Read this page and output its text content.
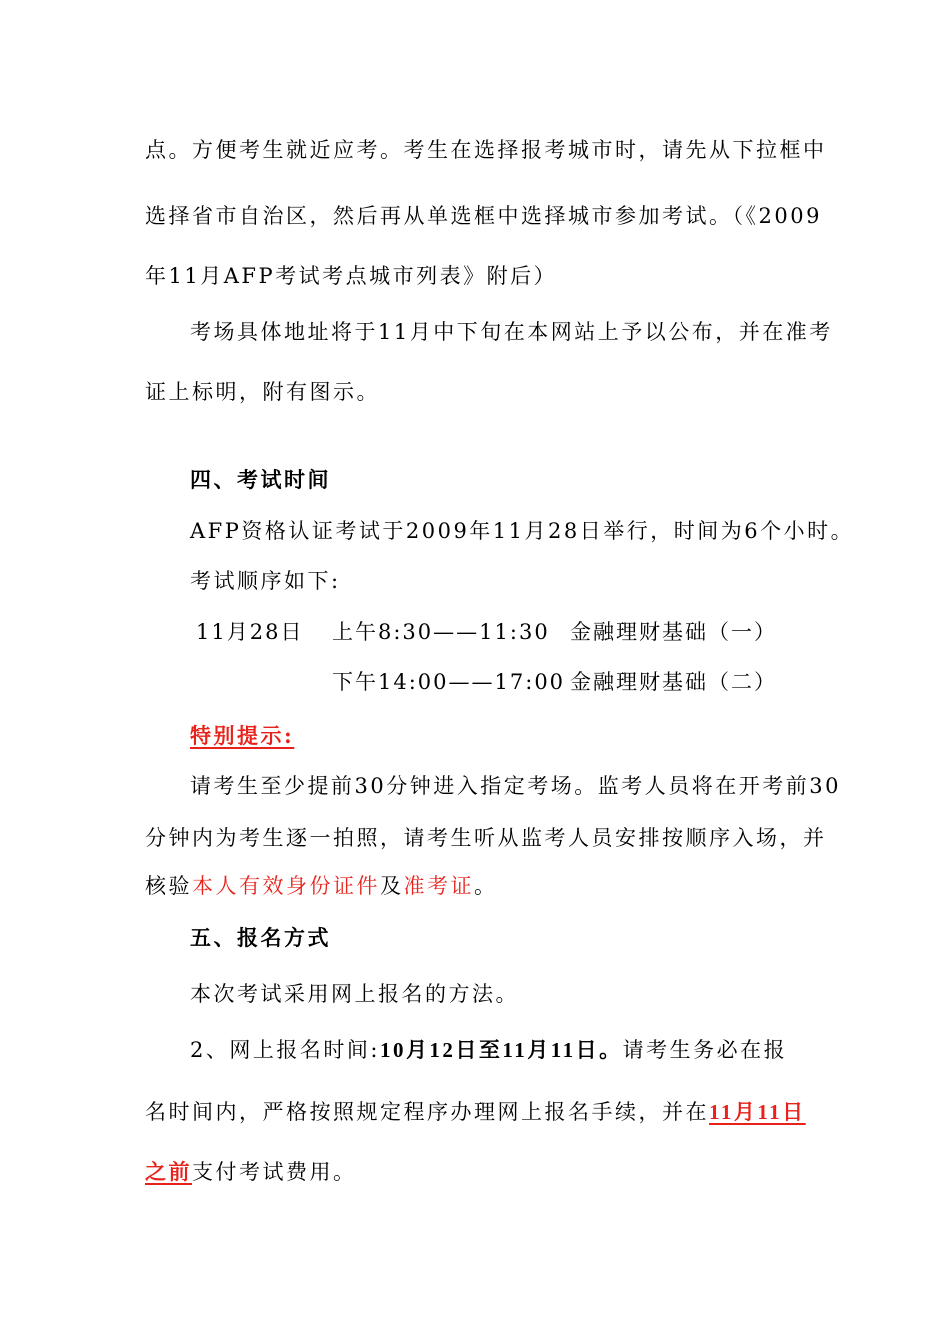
点。方便考生就近应考。考生在选择报考城市时，请先从下拉框中
选择省市自治区，然后再从单选框中选择城市参加考试。（《2009
年11月AFP考试考点城市列表》附后）
考场具体地址将于11月中下旬在本网站上予以公布，并在准考
证上标明，附有图示。
四、考试时间
AFP资格认证考试于2009年11月28日举行，时间为6个小时。
考试顺序如下:
11月28日 上午8:30——11:30 金融理财基础（一）
下午14:00——17:00 金融理财基础（二）
特别提示:
请考生至少提前30分钟进入指定考场。监考人员将在开考前30
分钟内为考生逐一拍照，请考生听从监考人员安排按顺序入场，并
核验本人有效身份证件及准考证。
五、报名方式
本次考试采用网上报名的方法。
2、网上报名时间:10月12日至11月11日。请考生务必在报
名时间内，严格按照规定程序办理网上报名手续，并在11月11日
之前支付考试费用。
